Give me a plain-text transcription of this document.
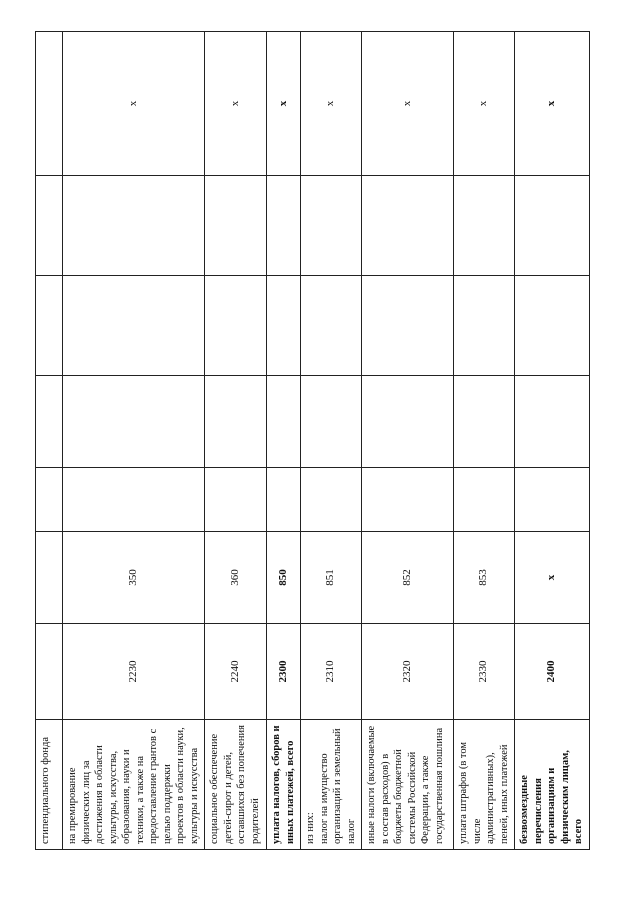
стипендиального фонда							
на премирование физических лиц за достижения в области культуры, искусства, образования, науки и техники, а также на предоставление грантов с целью поддержки проектов в области науки, культуры и искусства	2230	350					x
социальное обеспечение детей-сирот и детей, оставшихся без попечения родителей	2240	360					x
уплата налогов, сборов и иных платежей, всего	2300	850					x
из них: налог на имущество организаций и земельный налог	2310	851					x
иные налоги (включаемые в состав расходов) в бюджеты бюджетной системы Российской Федерации, а также государственная пошлина	2320	852					x
уплата штрафов (в том числе административных), пеней, иных платежей	2330	853					x
безвозмездные перечисления организациям и физическим лицам, всего	2400	x					x
